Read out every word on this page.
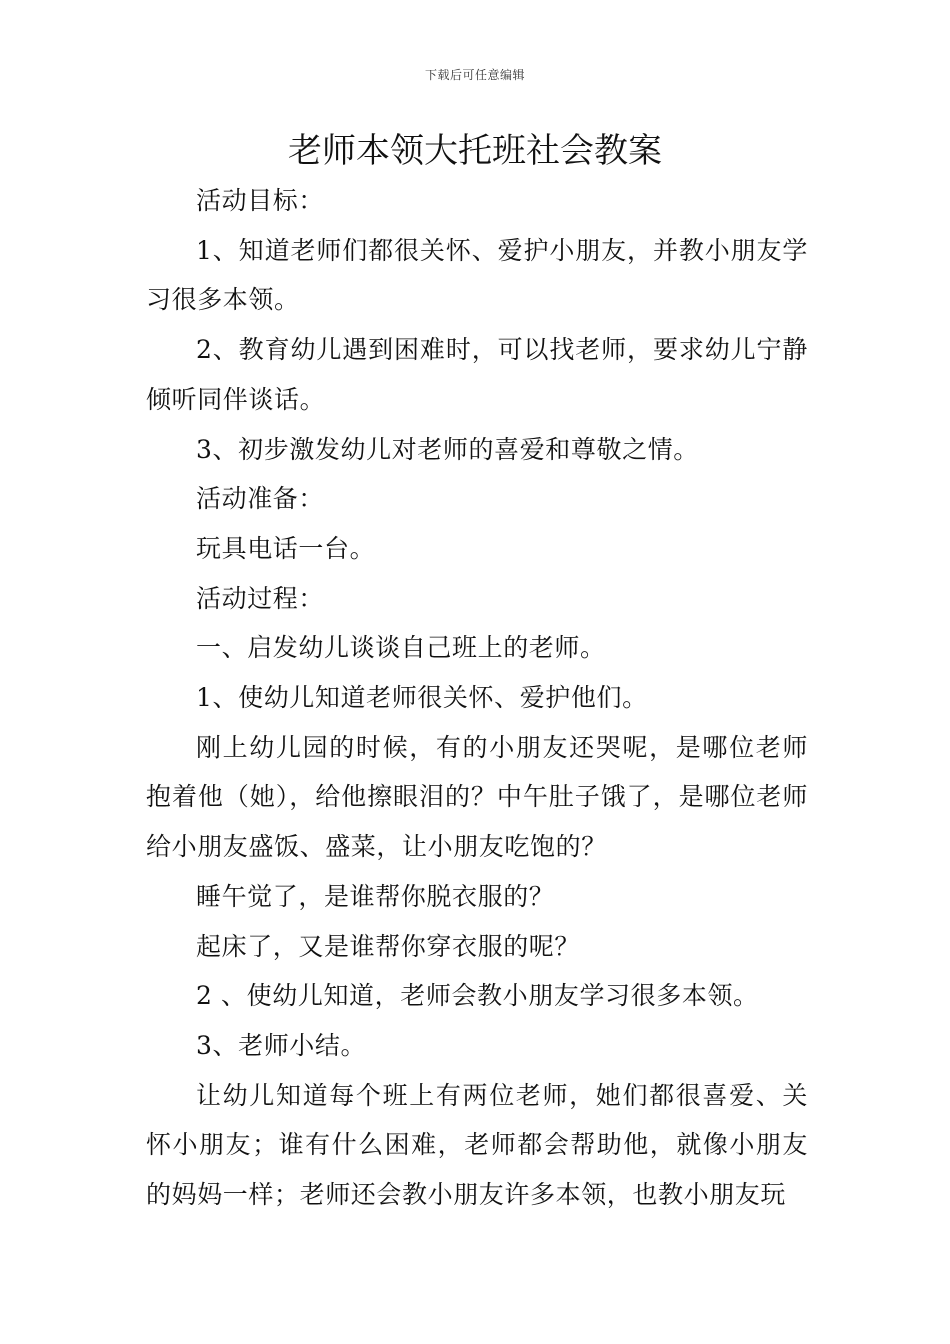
下载后可任意编辑
老师本领大托班社会教案

活动目标：

1、知道老师们都很关怀、爱护小朋友，并教小朋友学习很多本领。

2、教育幼儿遇到困难时，可以找老师，要求幼儿宁静倾听同伴谈话。

3、初步激发幼儿对老师的喜爱和尊敬之情。

活动准备：

玩具电话一台。

活动过程：

一、启发幼儿谈谈自己班上的老师。

1、使幼儿知道老师很关怀、爱护他们。

刚上幼儿园的时候，有的小朋友还哭呢，是哪位老师抱着他（她），给他擦眼泪的？中午肚子饿了，是哪位老师给小朋友盛饭、盛菜，让小朋友吃饱的？

睡午觉了，是谁帮你脱衣服的？

起床了，又是谁帮你穿衣服的呢？

2 、使幼儿知道，老师会教小朋友学习很多本领。

3、老师小结。

让幼儿知道每个班上有两位老师，她们都很喜爱、关怀小朋友；谁有什么困难，老师都会帮助他，就像小朋友的妈妈一样；老师还会教小朋友许多本领，也教小朋友玩
